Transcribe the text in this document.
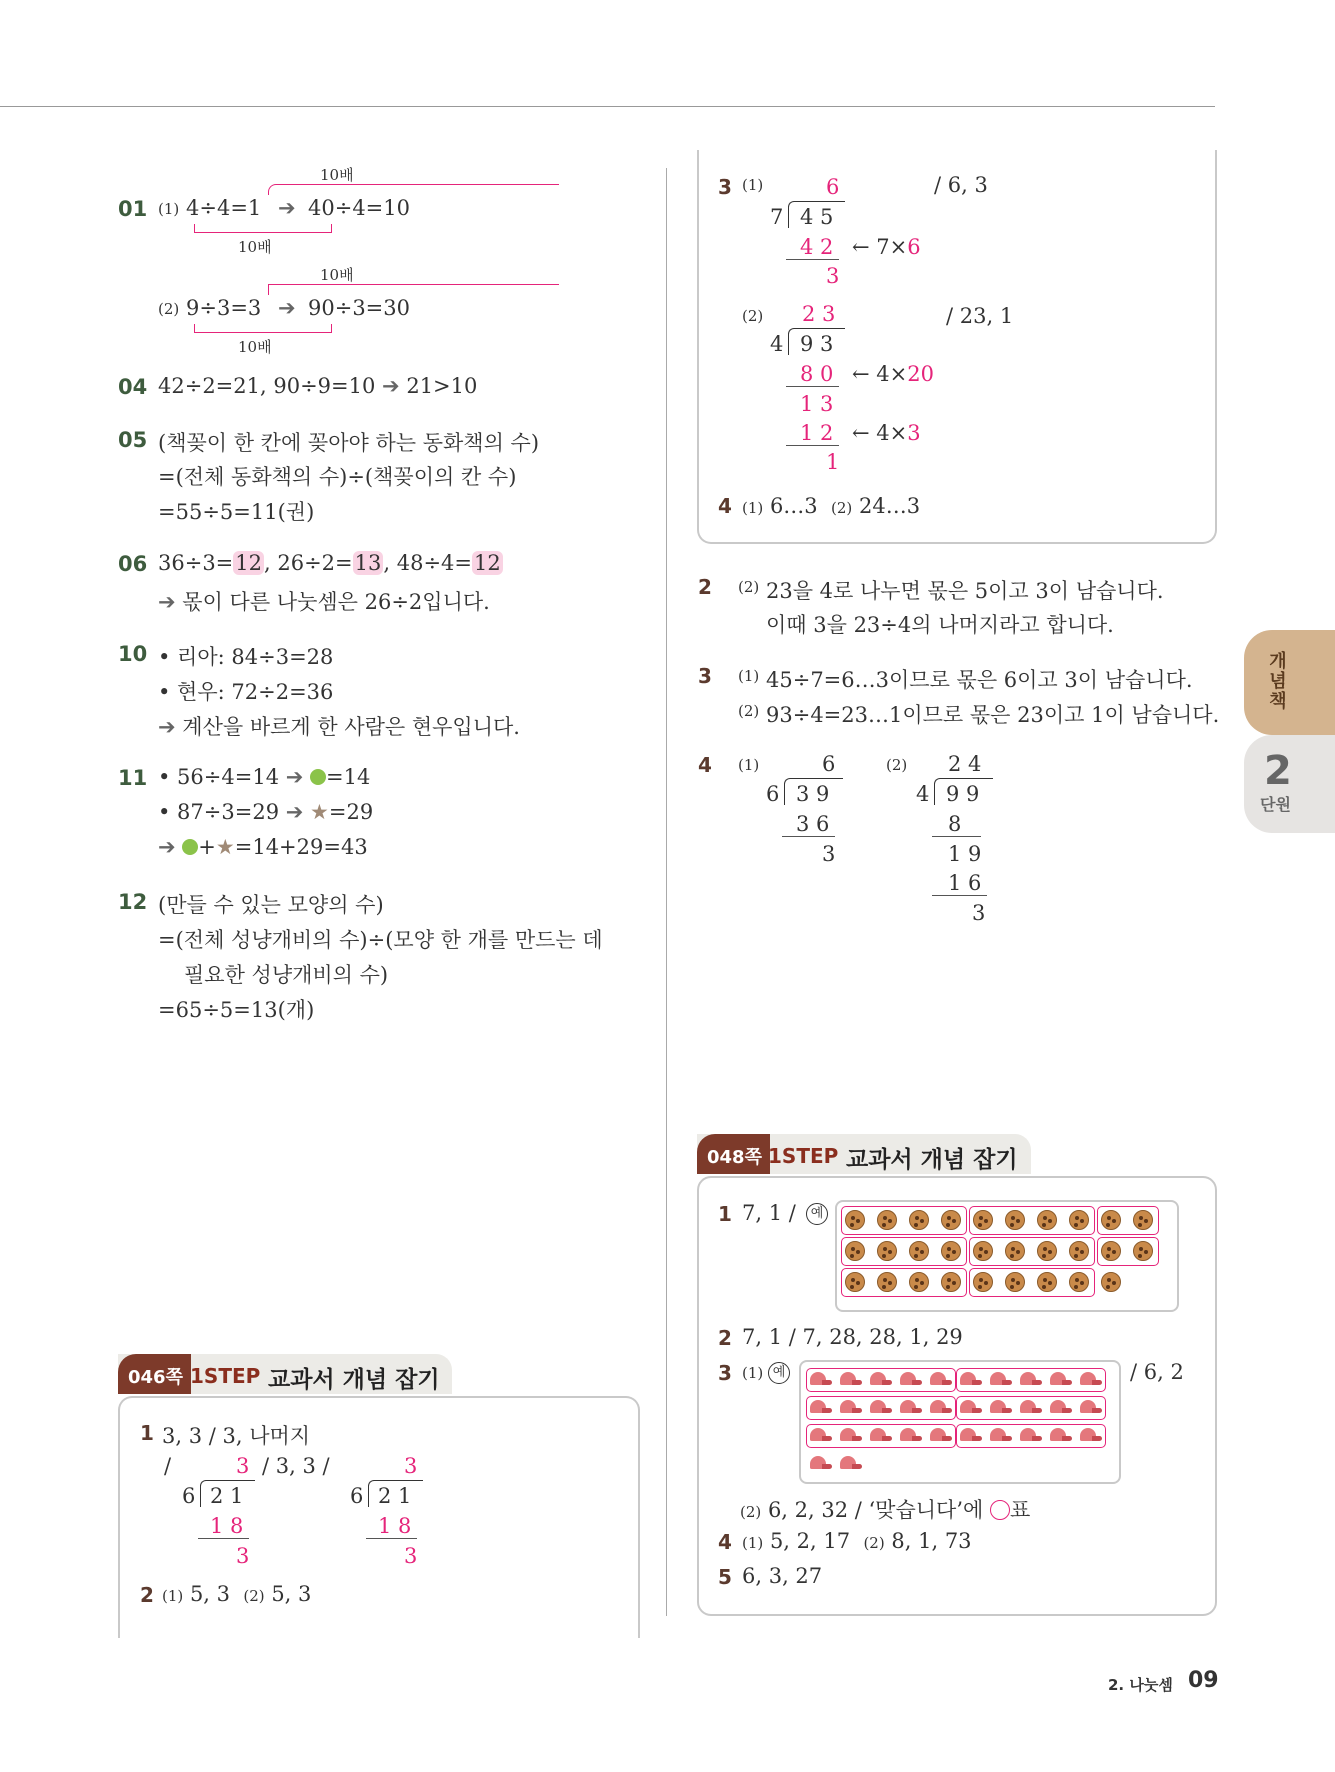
01 (1)
10배
4÷4=1 ➔ 40÷4=10
10배
(2)
10배
9÷3=3 ➔ 90÷3=30
10배
04 42÷2=21, 90÷9=10 ➔ 21>10
05 (책꽂이 한 칸에 꽂아야 하는 동화책의 수)
=(전체 동화책의 수)÷(책꽂이의 칸 수)
=55÷5=11(권)
06 36÷3=12, 26÷2=13, 48÷4=12
➔ 몫이 다른 나눗셈은 26÷2입니다.
10 • 리아: 84÷3=28
• 현우: 72÷2=36
➔ 계산을 바르게 한 사람은 현우입니다.
11 • 56÷4=14 ➔ =14
• 87÷3=29 ➔ ★=29
➔ +★=14+29=43
12 (만들 수 있는 모양의 수)
=(전체 성냥개비의 수)÷(모양 한 개를 만드는 데
필요한 성냥개비의 수)
=65÷5=13(개)
046쪽 1STEP 교과서 개념 잡기
1 3, 3 / 3, 나머지
/	/ 3, 3 /
3
6 2 1
1 8
3
3
6 2 1
1 8
3
2 (1) 5, 3 (2) 5, 3
3 (1)	/ 6, 3
6
7 4 5
4 2 ← 7×6
3
(2)	/ 23, 1
2 3
4 9 3
8 0 ← 4×20
1 3
1 2 ← 4×3
1
4 (1) 6…3 (2) 24…3
2 (2) 23을 4로 나누면 몫은 5이고 3이 남습니다.
이때 3을 23÷4의 나머지라고 합니다.
3 (1) 45÷7=6…3이므로 몫은 6이고 3이 남습니다.
(2) 93÷4=23…1이므로 몫은 23이고 1이 남습니다.
4 (1)	6
6 3 9
3 6
3
(2) 2 4
4 9 9
8
1 9
1 6
3
048쪽 1STEP 교과서 개념 잡기
1 7, 1 /	예
2 7, 1 / 7, 28, 28, 1, 29
3 (1) 예	/ 6, 2
(2) 6, 2, 32 / ‘맞습니다’에 ○표
4 (1) 5, 2, 17 (2) 8, 1, 73
5 6, 3, 27
개
념
책
2
단원
2. 나눗셈 09
